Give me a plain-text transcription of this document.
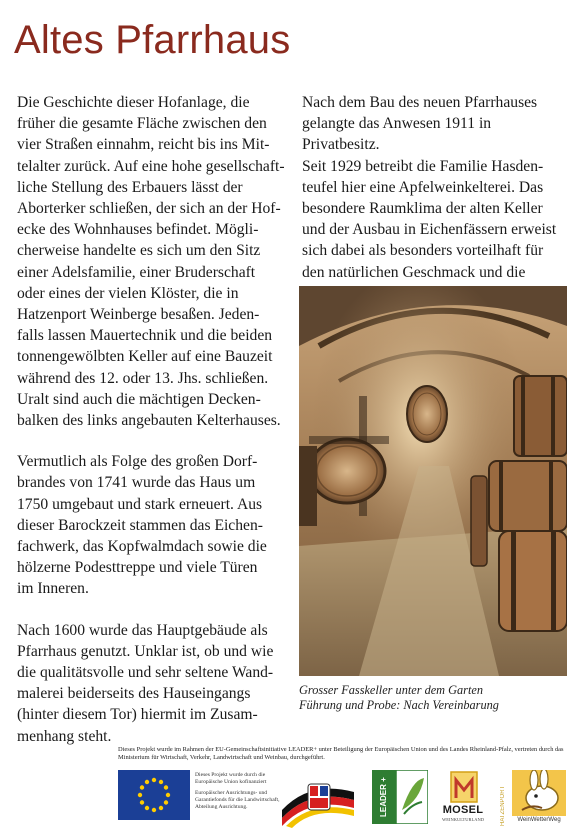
Altes Pfarrhaus

Die Geschichte dieser Hofanlage, die
früher die gesamte Fläche zwischen den
vier Straßen einnahm, reicht bis ins Mit-
telalter zurück. Auf eine hohe gesellschaft-
liche Stellung des Erbauers lässt der
Aborterker schließen, der sich an der Hof-
ecke des Wohnhauses befindet. Mögli-
cherweise handelte es sich um den Sitz
einer Adelsfamilie, einer Bruderschaft
oder eines der vielen Klöster, die in
Hatzenport Weinberge besaßen. Jeden-
falls lassen Mauertechnik und die beiden
tonnengewölbten Keller auf eine Bauzeit
während des 12. oder 13. Jhs. schließen.
Uralt sind auch die mächtigen Decken-
balken des links angebauten Kelterhauses.

Vermutlich als Folge des großen Dorf-
brandes von 1741 wurde das Haus um
1750 umgebaut und stark erneuert. Aus
dieser Barockzeit stammen das Eichen-
fachwerk, das Kopfwalmdach sowie die
hölzerne Podesttreppe und viele Türen
im Inneren.

Nach 1600 wurde das Hauptgebäude als
Pfarrhaus genutzt. Unklar ist, ob und wie
die qualitätsvolle und sehr seltene Wand-
malerei beiderseits des Hauseingangs
(hinter diesem Tor) hiermit im Zusam-
menhang steht.

Nach dem Bau des neuen Pfarrhauses
gelangte das Anwesen 1911 in Privatbesitz.
Seit 1929 betreibt die Familie Hasden-
teufel hier eine Apfelweinkelterei. Das
besondere Raumklima der alten Keller
und der Ausbau in Eichenfässern erweist
sich dabei als besonders vorteilhaft für
den natürlichen Geschmack und die

Grosser Fasskeller unter dem Garten
Führung und Probe: Nach Vereinbarung
Dieses Projekt wurde im Rahmen der EU-Gemeinschaftsinitiative LEADER+ unter Beteiligung der Europäischen Union und des Landes Rheinland-Pfalz, vertreten durch das Ministerium für Wirtschaft, Verkehr, Landwirtschaft und Weinbau, durchgeführt.
Dieses Projekt wurde durch die Europäische Union kofinanziert
Europäischer Ausrichtungs- und Garantiefonds für die Landwirtschaft, Abteilung Ausrichtung.	LEADER +	MOSEL
WEINKULTURLAND	HATZENPORT	WeinWetterWeg
